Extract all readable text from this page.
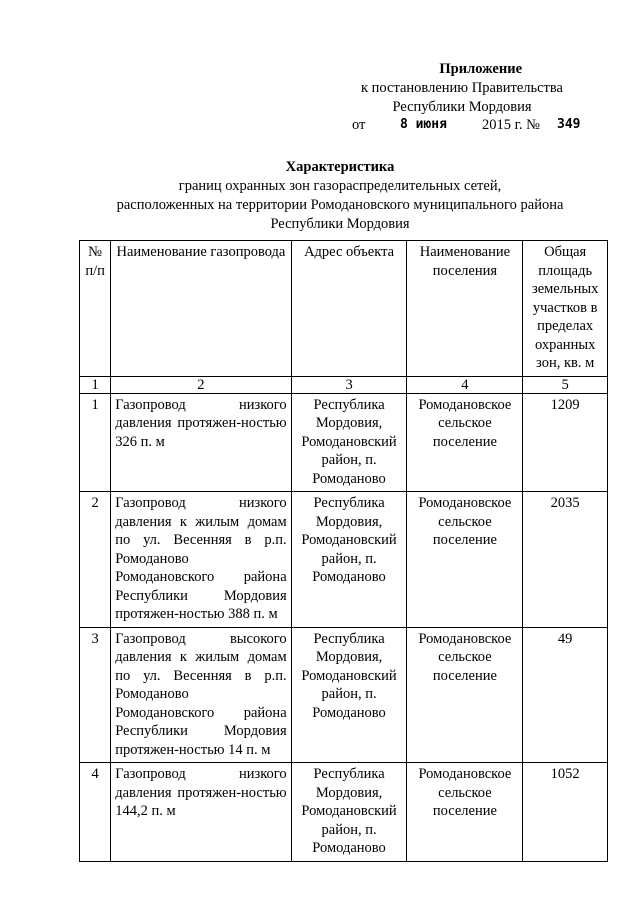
Приложение
к постановлению Правительства
Республики Мордовия
от	8 июня 2015 г. № 349
Характеристика
границ охранных зон газораспределительных сетей,
расположенных на территории Ромодановского муниципального района
Республики Мордовия
№ п/п	Наименование газопровода	Адрес объекта	Наименование поселения	Общая площадь земельных участков в пределах охранных зон, кв. м
1	2	3	4	5
1	Газопровод низкого давления протяжен-ностью 326 п. м	Республика Мордовия, Ромодановский район, п. Ромоданово	Ромодановское сельское поселение	1209
2	Газопровод низкого давления к жилым домам по ул. Весенняя в р.п. Ромоданово Ромодановского района Республики Мордовия протяжен-ностью 388 п. м	Республика Мордовия, Ромодановский район, п. Ромоданово	Ромодановское сельское поселение	2035
3	Газопровод высокого давления к жилым домам по ул. Весенняя в р.п. Ромоданово Ромодановского района Республики Мордовия протяжен-ностью 14 п. м	Республика Мордовия, Ромодановский район, п. Ромоданово	Ромодановское сельское поселение	49
4	Газопровод низкого давления протяжен-ностью 144,2 п. м	Республика Мордовия, Ромодановский район, п. Ромоданово	Ромодановское сельское поселение	1052
